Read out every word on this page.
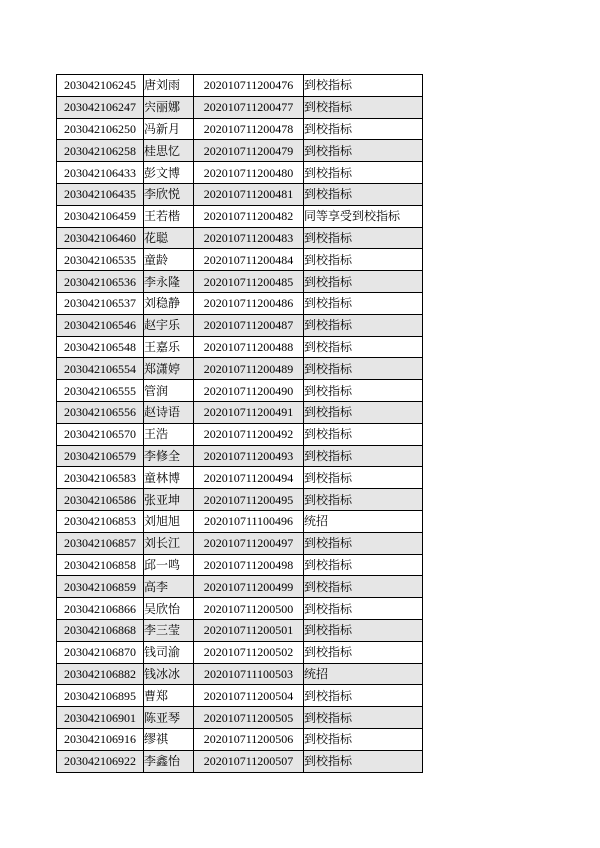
203042106245	唐刘雨	202010711200476	到校指标
203042106247	宍丽娜	202010711200477	到校指标
203042106250	冯新月	202010711200478	到校指标
203042106258	桂思忆	202010711200479	到校指标
203042106433	彭文博	202010711200480	到校指标
203042106435	李欣悦	202010711200481	到校指标
203042106459	王若楷	202010711200482	同等享受到校指标
203042106460	花聪	202010711200483	到校指标
203042106535	童龄	202010711200484	到校指标
203042106536	李永隆	202010711200485	到校指标
203042106537	刘稳静	202010711200486	到校指标
203042106546	赵宇乐	202010711200487	到校指标
203042106548	王嘉乐	202010711200488	到校指标
203042106554	郑潇婷	202010711200489	到校指标
203042106555	管润	202010711200490	到校指标
203042106556	赵诗语	202010711200491	到校指标
203042106570	王浩	202010711200492	到校指标
203042106579	李修全	202010711200493	到校指标
203042106583	童林博	202010711200494	到校指标
203042106586	张亚坤	202010711200495	到校指标
203042106853	刘旭旭	202010711100496	统招
203042106857	刘长江	202010711200497	到校指标
203042106858	邱一鸣	202010711200498	到校指标
203042106859	高李	202010711200499	到校指标
203042106866	吴欣怡	202010711200500	到校指标
203042106868	李三莹	202010711200501	到校指标
203042106870	钱司渝	202010711200502	到校指标
203042106882	钱冰冰	202010711100503	统招
203042106895	曹郑	202010711200504	到校指标
203042106901	陈亚琴	202010711200505	到校指标
203042106916	缪祺	202010711200506	到校指标
203042106922	李鑫怡	202010711200507	到校指标
